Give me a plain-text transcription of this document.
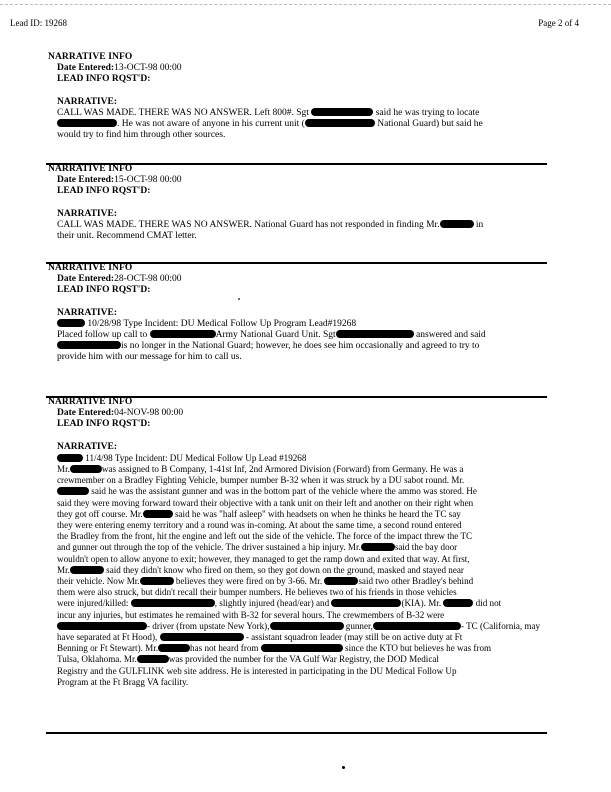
Lead ID: 19268	Page 2 of 4
NARRATIVE INFO
Date Entered:13-OCT-98 00:00
LEAD INFO RQST'D:
NARRATIVE:
CALL WAS MADE. THERE WAS NO ANSWER. Left 800#. Sgt	said he was trying to locate
. He was not aware of anyone in his current unit (	National Guard) but said he
would try to find him through other sources.
NARRATIVE INFO
Date Entered:15-OCT-98 00:00
LEAD INFO RQST'D:
NARRATIVE:
CALL WAS MADE. THERE WAS NO ANSWER. National Guard has not responded in finding Mr.	in
their unit. Recommend CMAT letter.
NARRATIVE INFO
Date Entered:28-OCT-98 00:00
LEAD INFO RQST'D:
NARRATIVE:
10/28/98 Type Incident: DU Medical Follow Up Program Lead#19268
Placed follow up call to	Army National Guard Unit. Sgt	answered and said
is no longer in the National Guard; however, he does see him occasionally and agreed to try to
provide him with our message for him to call us.
NARRATIVE INFO
Date Entered:04-NOV-98 00:00
LEAD INFO RQST'D:
NARRATIVE:
11/4/98 Type Incident: DU Medical Follow Up Lead #19268
Mr.	was assigned to B Company, 1-41st Inf, 2nd Armored Division (Forward) from Germany. He was a
crewmember on a Bradley Fighting Vehicle, bumper number B-32 when it was struck by a DU sabot round. Mr.
said he was the assistant gunner and was in the bottom part of the vehicle where the ammo was stored. He
said they were moving forward toward their objective with a tank unit on their left and another on their right when
they got off course. Mr.	said he was "half asleep" with headsets on when he thinks he heard the TC say
they were entering enemy territory and a round was in-coming. At about the same time, a second round entered
the Bradley from the front, hit the engine and left out the side of the vehicle. The force of the impact threw the TC
and gunner out through the top of the vehicle. The driver sustained a hip injury. Mr.	said the bay door
wouldn't open to allow anyone to exit; however, they managed to get the ramp down and exited that way. At first,
Mr.	said they didn't know who fired on them, so they got down on the ground, masked and stayed near
their vehicle. Now Mr.	believes they were fired on by 3-66. Mr.	said two other Bradley's behind
them were also struck, but didn't recall their bumper numbers. He believes two of his friends in those vehicles
were injured/killed:	, slightly injured (head/ear) and	(KIA). Mr.	did not
incur any injuries, but estimates he remained with B-32 for several hours. The crewmembers of B-32 were
- driver (from upstate New York),	gunner,	- TC (California, may
have separated at Ft Hood),	- assistant squadron leader (may still be on active duty at Ft
Benning or Ft Stewart). Mr.	has not heard from	since the KTO but believes he was from
Tulsa, Oklahoma. Mr.	was provided the number for the VA Gulf War Registry, the DOD Medical
Registry and the GULFLINK web site address. He is interested in participating in the DU Medical Follow Up
Program at the Ft Bragg VA facility.
